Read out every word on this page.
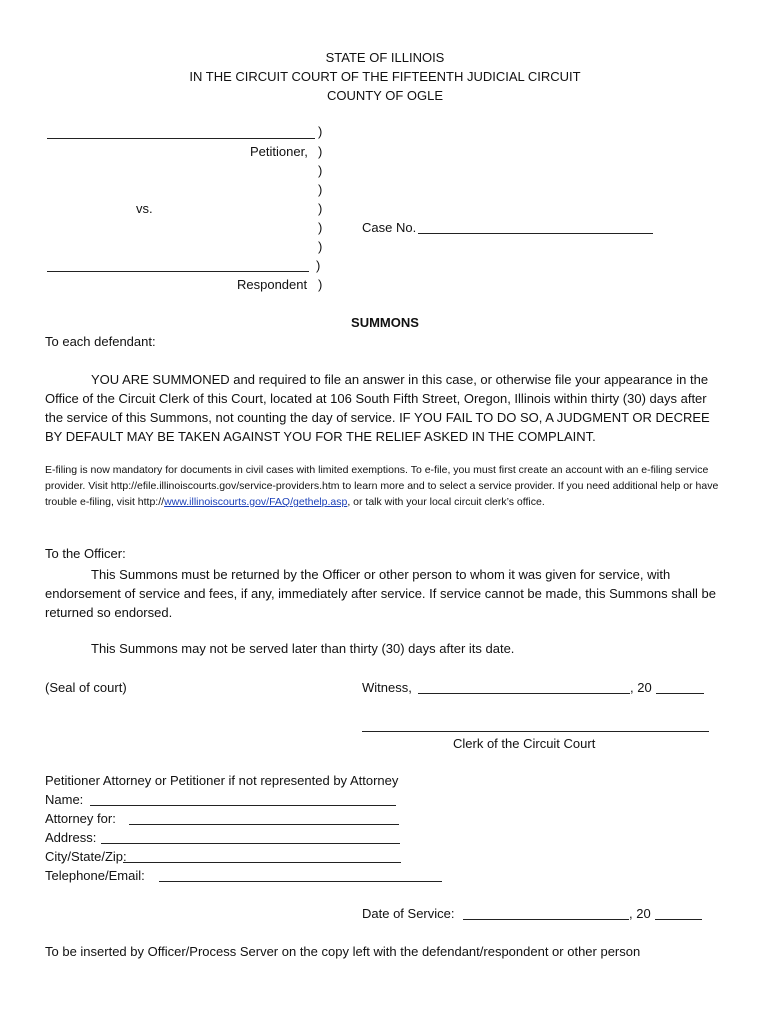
STATE OF ILLINOIS
IN THE CIRCUIT COURT OF THE FIFTEENTH JUDICIAL CIRCUIT
COUNTY OF OGLE
)
Petitioner, )
)
)
vs.	)
)	Case No.
)
)
Respondent )
SUMMONS
To each defendant:
YOU ARE SUMMONED and required to file an answer in this case, or otherwise file your appearance in the Office of the Circuit Clerk of this Court, located at 106 South Fifth Street, Oregon, Illinois within thirty (30) days after the service of this Summons, not counting the day of service. IF YOU FAIL TO DO SO, A JUDGMENT OR DECREE BY DEFAULT MAY BE TAKEN AGAINST YOU FOR THE RELIEF ASKED IN THE COMPLAINT.
E-filing is now mandatory for documents in civil cases with limited exemptions. To e-file, you must first create an account with an e-filing service provider. Visit http://efile.illinoiscourts.gov/service-providers.htm to learn more and to select a service provider. If you need additional help or have trouble e-filing, visit http://www.illinoiscourts.gov/FAQ/gethelp.asp, or talk with your local circuit clerk’s office.
To the Officer:
This Summons must be returned by the Officer or other person to whom it was given for service, with endorsement of service and fees, if any, immediately after service. If service cannot be made, this Summons shall be returned so endorsed.
This Summons may not be served later than thirty (30) days after its date.
(Seal of court)	Witness,	, 20
Clerk of the Circuit Court
Petitioner Attorney or Petitioner if not represented by Attorney
Name:
Attorney for:
Address:
City/State/Zip:
Telephone/Email:
Date of Service:	, 20
To be inserted by Officer/Process Server on the copy left with the defendant/respondent or other person
